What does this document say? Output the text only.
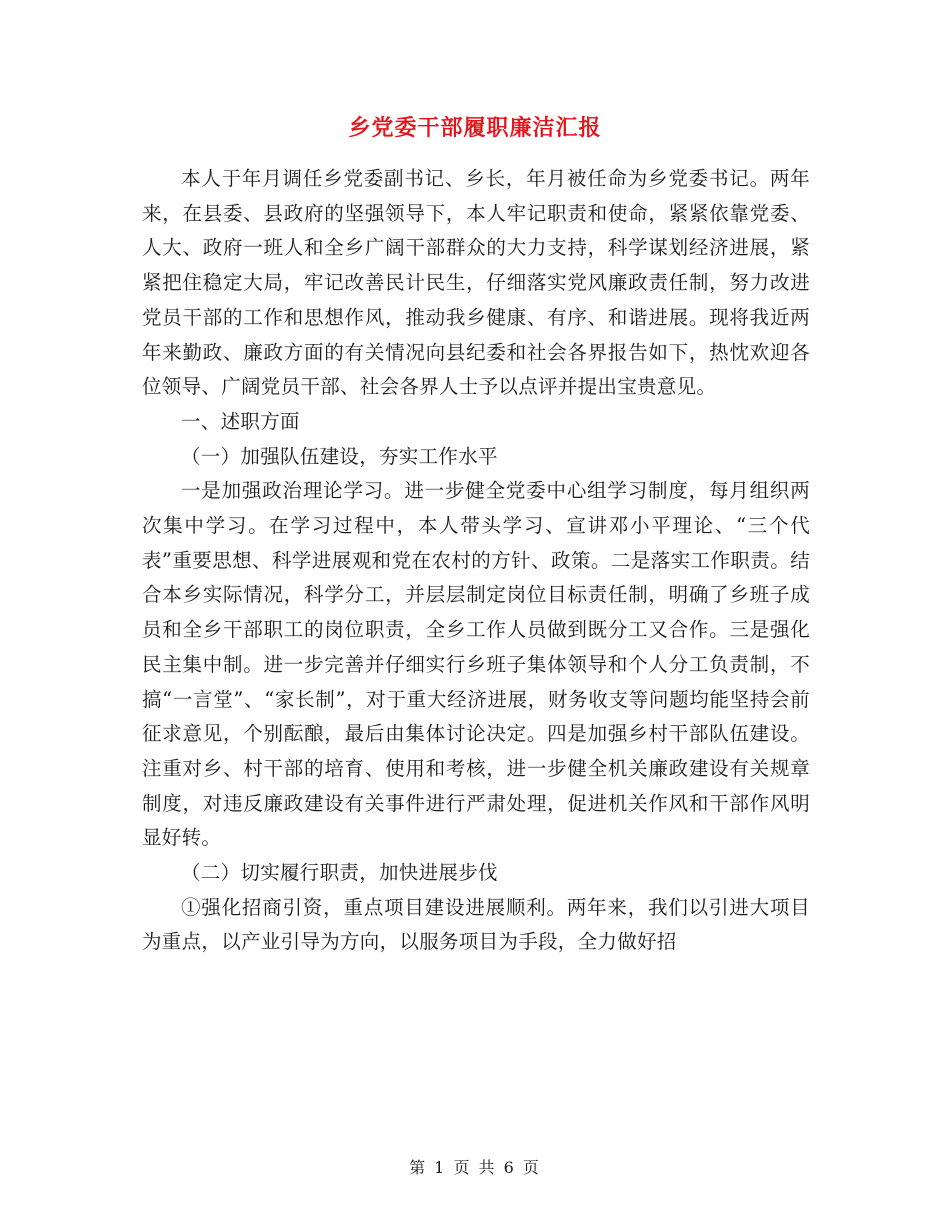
乡党委干部履职廉洁汇报

本人于年月调任乡党委副书记、乡长，年月被任命为乡党委书记。两年来，在县委、县政府的坚强领导下，本人牢记职责和使命，紧紧依靠党委、人大、政府一班人和全乡广阔干部群众的大力支持，科学谋划经济进展，紧紧把住稳定大局，牢记改善民计民生，仔细落实党风廉政责任制，努力改进党员干部的工作和思想作风，推动我乡健康、有序、和谐进展。现将我近两年来勤政、廉政方面的有关情况向县纪委和社会各界报告如下，热忱欢迎各位领导、广阔党员干部、社会各界人士予以点评并提出宝贵意见。

一、述职方面

（一）加强队伍建设，夯实工作水平

一是加强政治理论学习。进一步健全党委中心组学习制度，每月组织两次集中学习。在学习过程中，本人带头学习、宣讲邓小平理论、“三个代表”重要思想、科学进展观和党在农村的方针、政策。二是落实工作职责。结合本乡实际情况，科学分工，并层层制定岗位目标责任制，明确了乡班子成员和全乡干部职工的岗位职责，全乡工作人员做到既分工又合作。三是强化民主集中制。进一步完善并仔细实行乡班子集体领导和个人分工负责制，不搞“一言堂”、“家长制”，对于重大经济进展，财务收支等问题均能坚持会前征求意见，个别酝酿，最后由集体讨论决定。四是加强乡村干部队伍建设。注重对乡、村干部的培育、使用和考核，进一步健全机关廉政建设有关规章制度，对违反廉政建设有关事件进行严肃处理，促进机关作风和干部作风明显好转。

（二）切实履行职责，加快进展步伐

①强化招商引资，重点项目建设进展顺利。两年来，我们以引进大项目为重点，以产业引导为方向，以服务项目为手段，全力做好招

第 1 页 共 6 页
